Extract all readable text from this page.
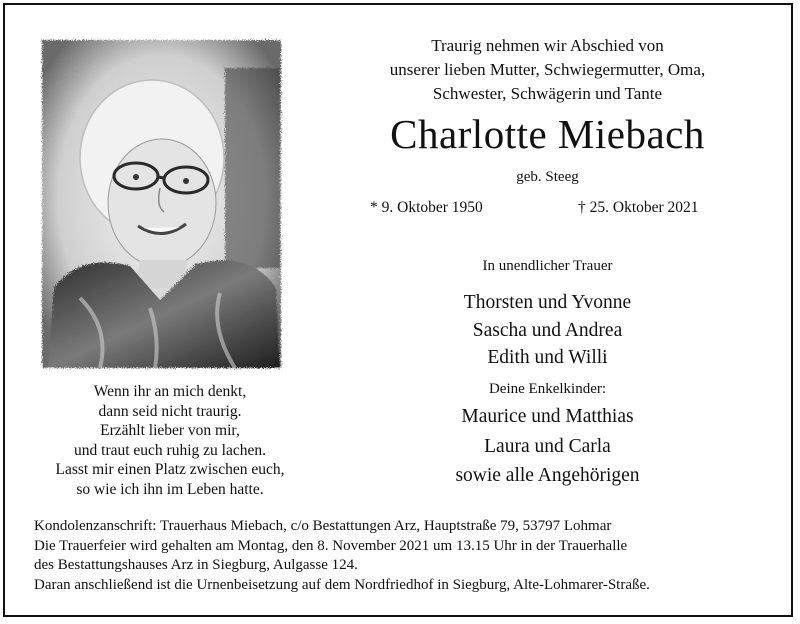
Wenn ihr an mich denkt,
dann seid nicht traurig.
Erzählt lieber von mir,
und traut euch ruhig zu lachen.
Lasst mir einen Platz zwischen euch,
so wie ich ihn im Leben hatte.
Traurig nehmen wir Abschied von
unserer lieben Mutter, Schwiegermutter, Oma,
Schwester, Schwägerin und Tante
Charlotte Miebach
geb. Steeg
* 9. Oktober 1950	† 25. Oktober 2021
In unendlicher Trauer
Thorsten und Yvonne
Sascha und Andrea
Edith und Willi
Deine Enkelkinder:
Maurice und Matthias
Laura und Carla
sowie alle Angehörigen
Kondolenzanschrift: Trauerhaus Miebach, c/o Bestattungen Arz, Hauptstraße 79, 53797 Lohmar
Die Trauerfeier wird gehalten am Montag, den 8. November 2021 um 13.15 Uhr in der Trauerhalle
des Bestattungshauses Arz in Siegburg, Aulgasse 124.
Daran anschließend ist die Urnenbeisetzung auf dem Nordfriedhof in Siegburg, Alte-Lohmarer-Straße.
